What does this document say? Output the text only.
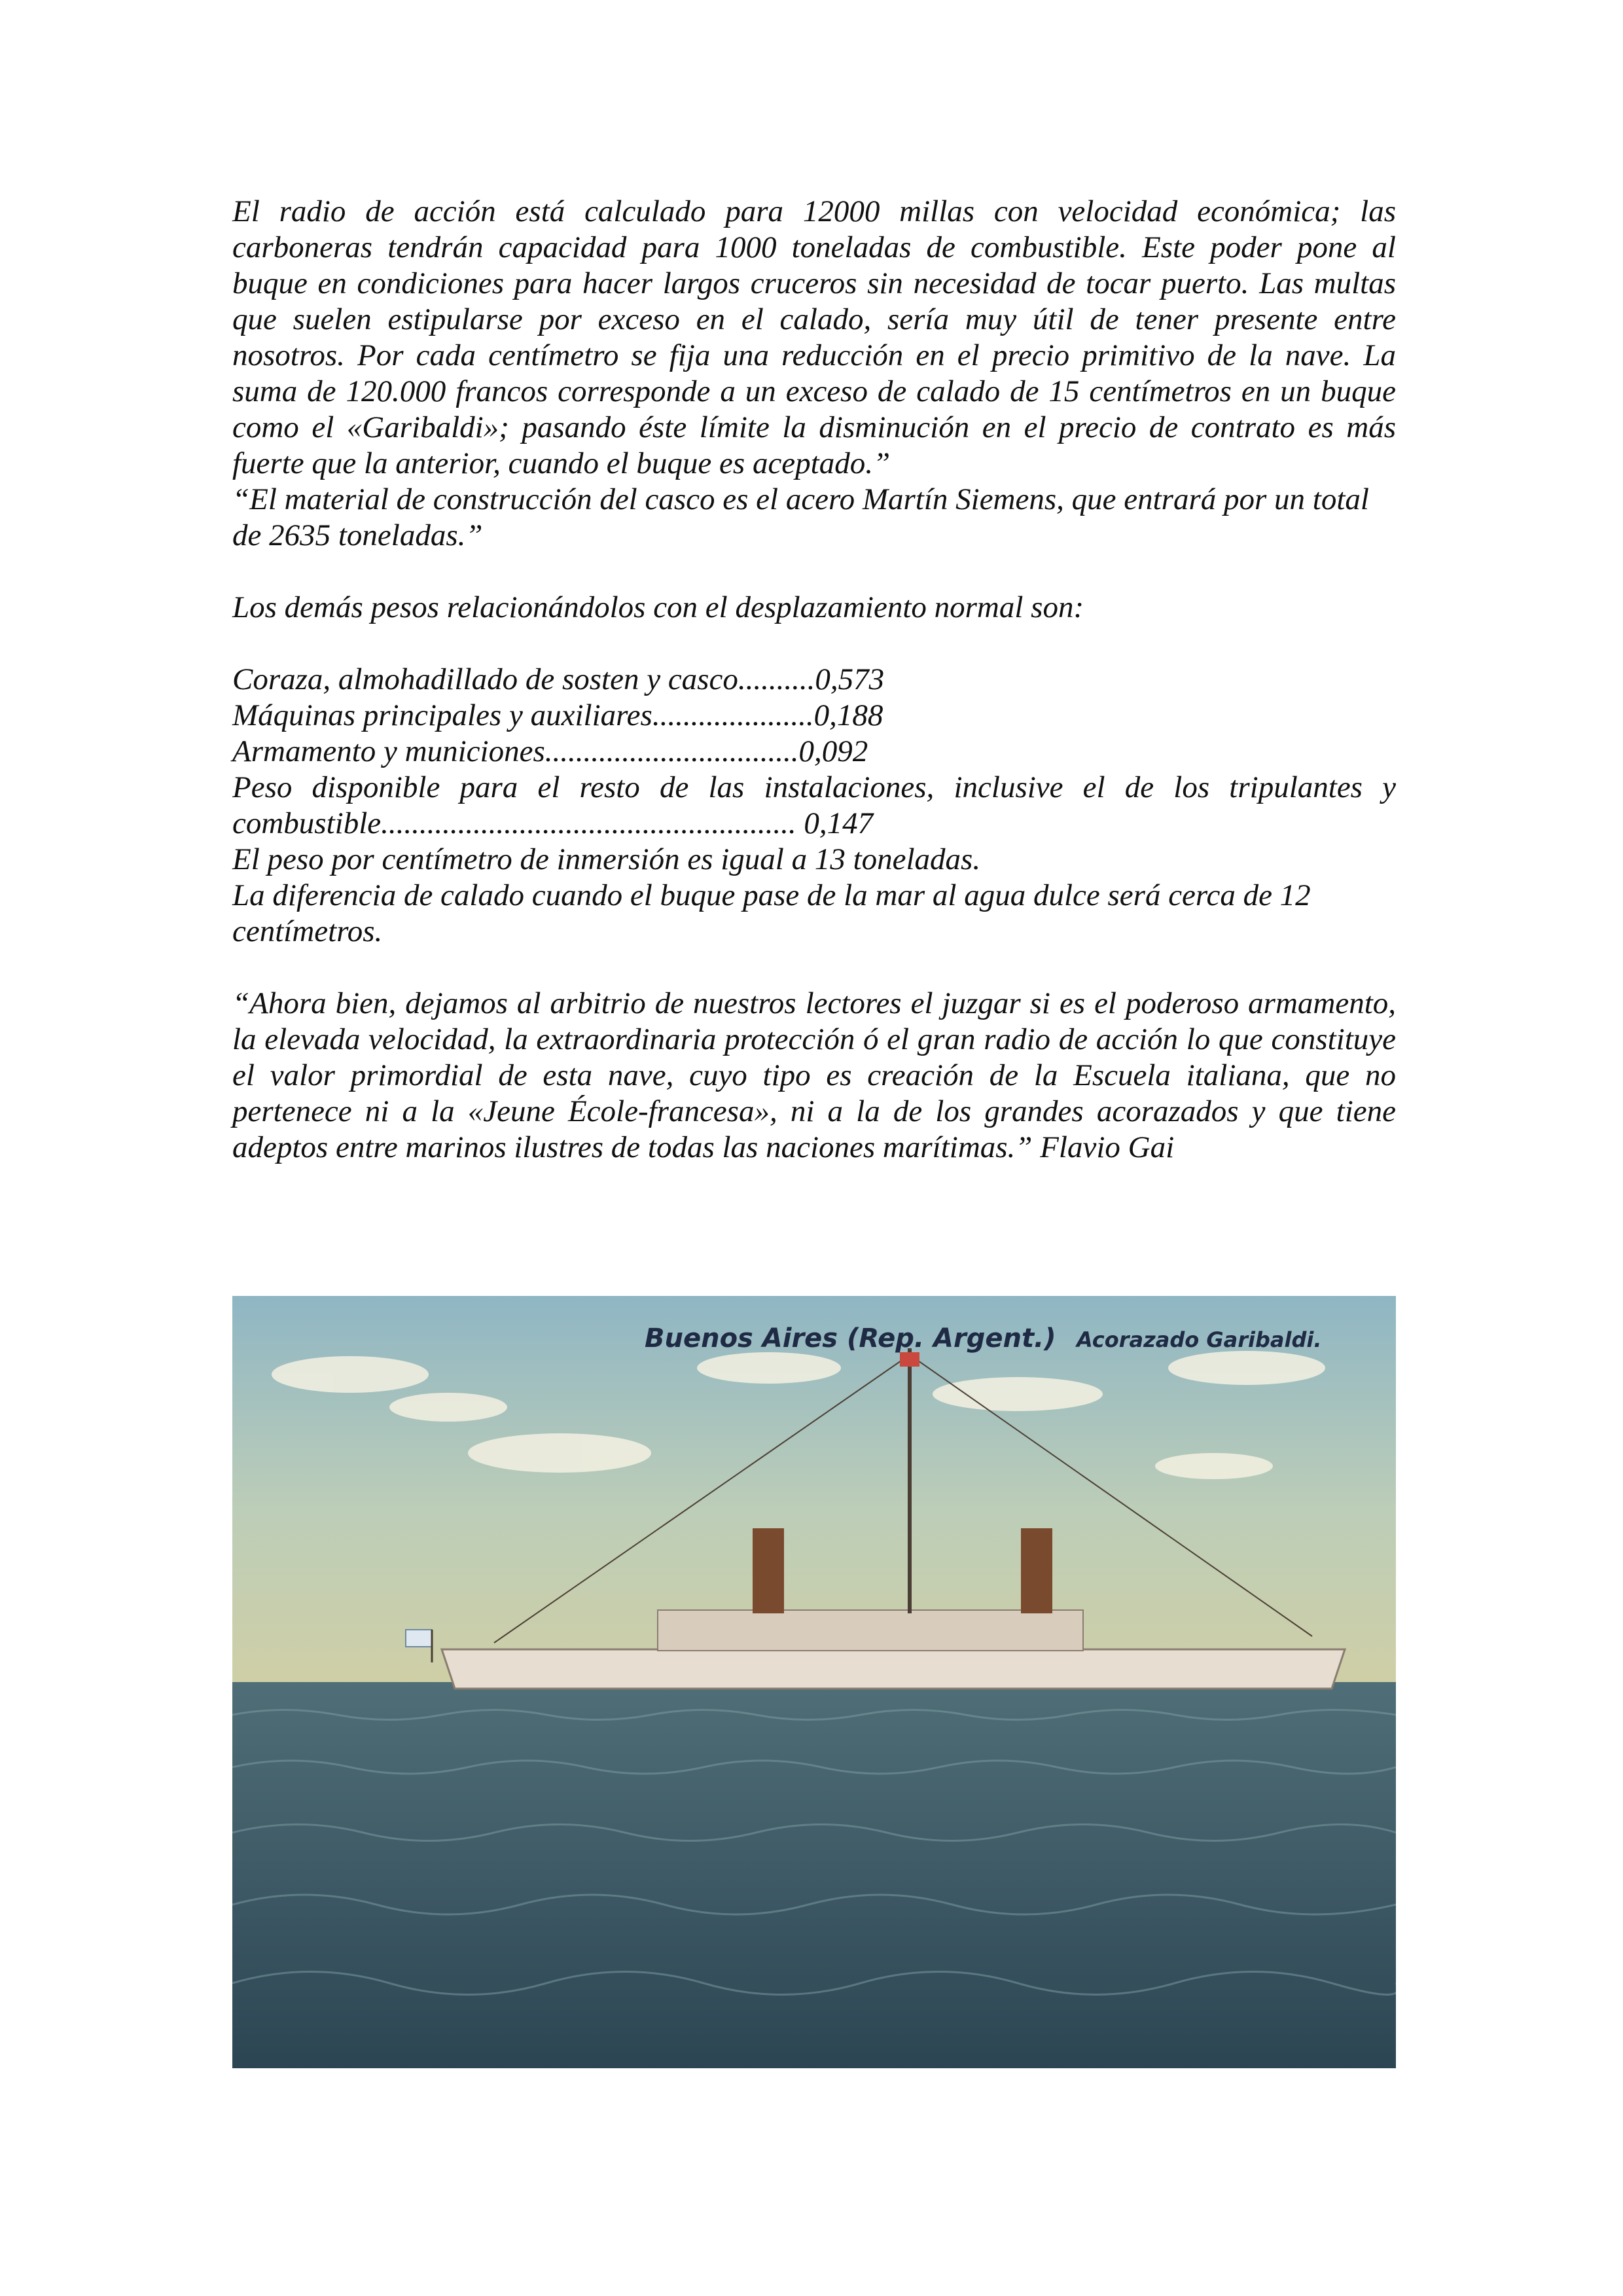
El radio de acción está calculado para 12000 millas con velocidad económica; las carboneras tendrán capacidad para 1000 toneladas de combustible. Este poder pone al buque en condiciones para hacer largos cruceros sin necesidad de tocar puerto. Las multas que suelen estipularse por exceso en el calado, sería muy útil de tener presente entre nosotros. Por cada centímetro se fija una reducción en el precio primitivo de la nave. La suma de 120.000 francos corresponde a un exceso de calado de 15 centímetros en un buque como el «Garibaldi»; pasando éste límite la disminución en el precio de contrato es más fuerte que la anterior, cuando el buque es aceptado.”

“El material de construcción del casco es el acero Martín Siemens, que entrará por un total de 2635 toneladas.”

Los demás pesos relacionándolos con el desplazamiento normal son:

Coraza, almohadillado de sosten y casco..........0,573

Máquinas principales y auxiliares.....................0,188

Armamento y municiones.................................0,092

Peso disponible para el resto de las instalaciones, inclusive el de los tripulantes y combustible...................................................... 0,147

El peso por centímetro de inmersión es igual a 13 toneladas.

La diferencia de calado cuando el buque pase de la mar al agua dulce será cerca de 12 centímetros.

“Ahora bien, dejamos al arbitrio de nuestros lectores el juzgar si es el poderoso armamento, la elevada velocidad, la extraordinaria protección ó el gran radio de acción lo que constituye el valor primordial de esta nave, cuyo tipo es creación de la Escuela italiana, que no pertenece ni a la «Jeune École-francesa», ni a la de los grandes acorazados y que tiene adeptos entre marinos ilustres de todas las naciones marítimas.” Flavio Gai

Buenos Aires (Rep. Argent.) Acorazado Garibaldi.
